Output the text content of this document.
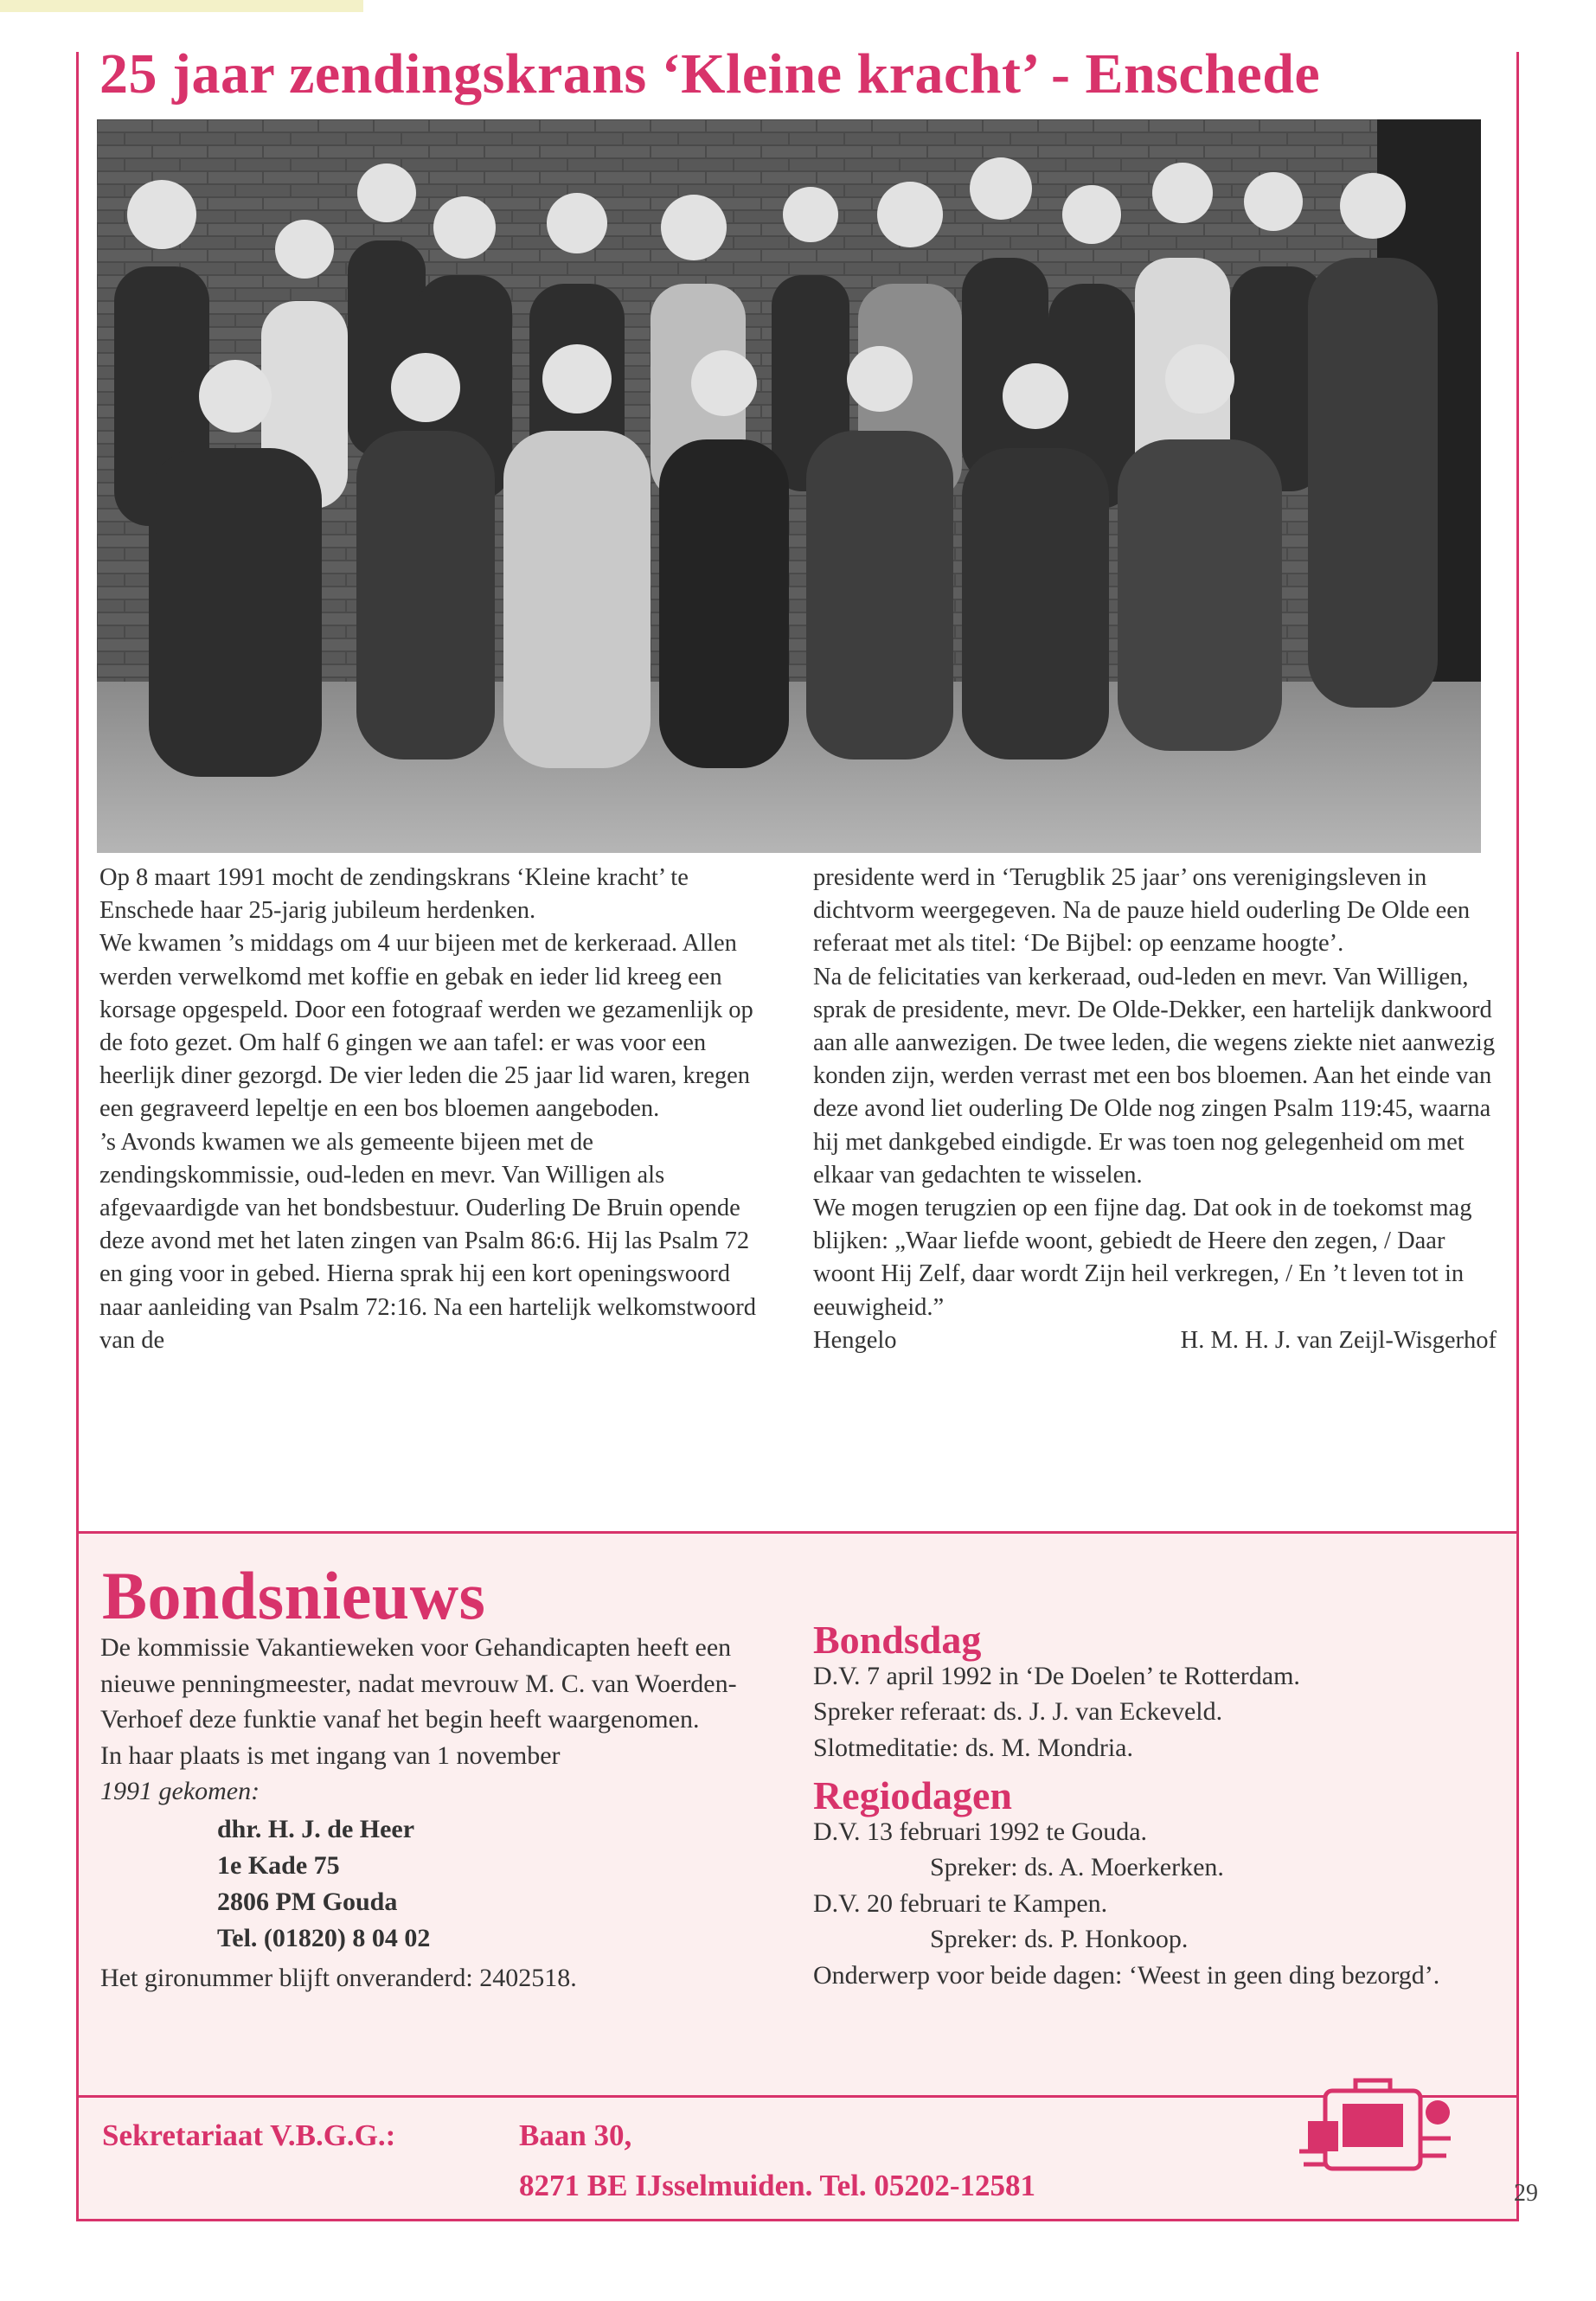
25 jaar zendingskrans ‘Kleine kracht’ - Enschede

Op 8 maart 1991 mocht de zendingskrans ‘Kleine kracht’ te Enschede haar 25-jarig jubileum herdenken.

We kwamen ’s middags om 4 uur bijeen met de kerkeraad. Allen werden verwelkomd met koffie en gebak en ieder lid kreeg een korsage opgespeld. Door een fotograaf werden we gezamenlijk op de foto gezet. Om half 6 gingen we aan tafel: er was voor een heerlijk diner gezorgd. De vier leden die 25 jaar lid waren, kregen een gegraveerd lepeltje en een bos bloemen aangeboden.

’s Avonds kwamen we als gemeente bijeen met de zendingskommissie, oud-leden en mevr. Van Willigen als afgevaardigde van het bondsbestuur. Ouderling De Bruin opende deze avond met het laten zingen van Psalm 86:6. Hij las Psalm 72 en ging voor in gebed. Hierna sprak hij een kort openingswoord naar aanleiding van Psalm 72:16. Na een hartelijk welkomstwoord van de

presidente werd in ‘Terugblik 25 jaar’ ons verenigingsleven in dichtvorm weergegeven. Na de pauze hield ouderling De Olde een referaat met als titel: ‘De Bijbel: op eenzame hoogte’.

Na de felicitaties van kerkeraad, oud-leden en mevr. Van Willigen, sprak de presidente, mevr. De Olde-Dekker, een hartelijk dankwoord aan alle aanwezigen. De twee leden, die wegens ziekte niet aanwezig konden zijn, werden verrast met een bos bloemen. Aan het einde van deze avond liet ouderling De Olde nog zingen Psalm 119:45, waarna hij met dankgebed eindigde. Er was toen nog gelegenheid om met elkaar van gedachten te wisselen.

We mogen terugzien op een fijne dag. Dat ook in de toekomst mag blijken: „Waar liefde woont, gebiedt de Heere den zegen, / Daar woont Hij Zelf, daar wordt Zijn heil verkregen, / En ’t leven tot in eeuwigheid.”

Hengelo	H. M. H. J. van Zeijl-Wisgerhof
Bondsnieuws

De kommissie Vakantieweken voor Gehandicapten heeft een nieuwe penningmeester, nadat mevrouw M. C. van Woerden-Verhoef deze funktie vanaf het begin heeft waargenomen.

In haar plaats is met ingang van 1 november

1991 gekomen:

dhr. H. J. de Heer
1e Kade 75
2806 PM Gouda
Tel. (01820) 8 04 02

Het gironummer blijft onveranderd: 2402518.

Bondsdag

D.V. 7 april 1992 in ‘De Doelen’ te Rotterdam.

Spreker referaat: ds. J. J. van Eckeveld.

Slotmeditatie: ds. M. Mondria.

Regiodagen

D.V. 13 februari 1992 te Gouda.

Spreker: ds. A. Moerkerken.

D.V. 20 februari te Kampen.

Spreker: ds. P. Honkoop.

Onderwerp voor beide dagen: ‘Weest in geen ding bezorgd’.

Sekretariaat V.B.G.G.:	Baan 30,
8271 BE IJsselmuiden. Tel. 05202-12581	29
